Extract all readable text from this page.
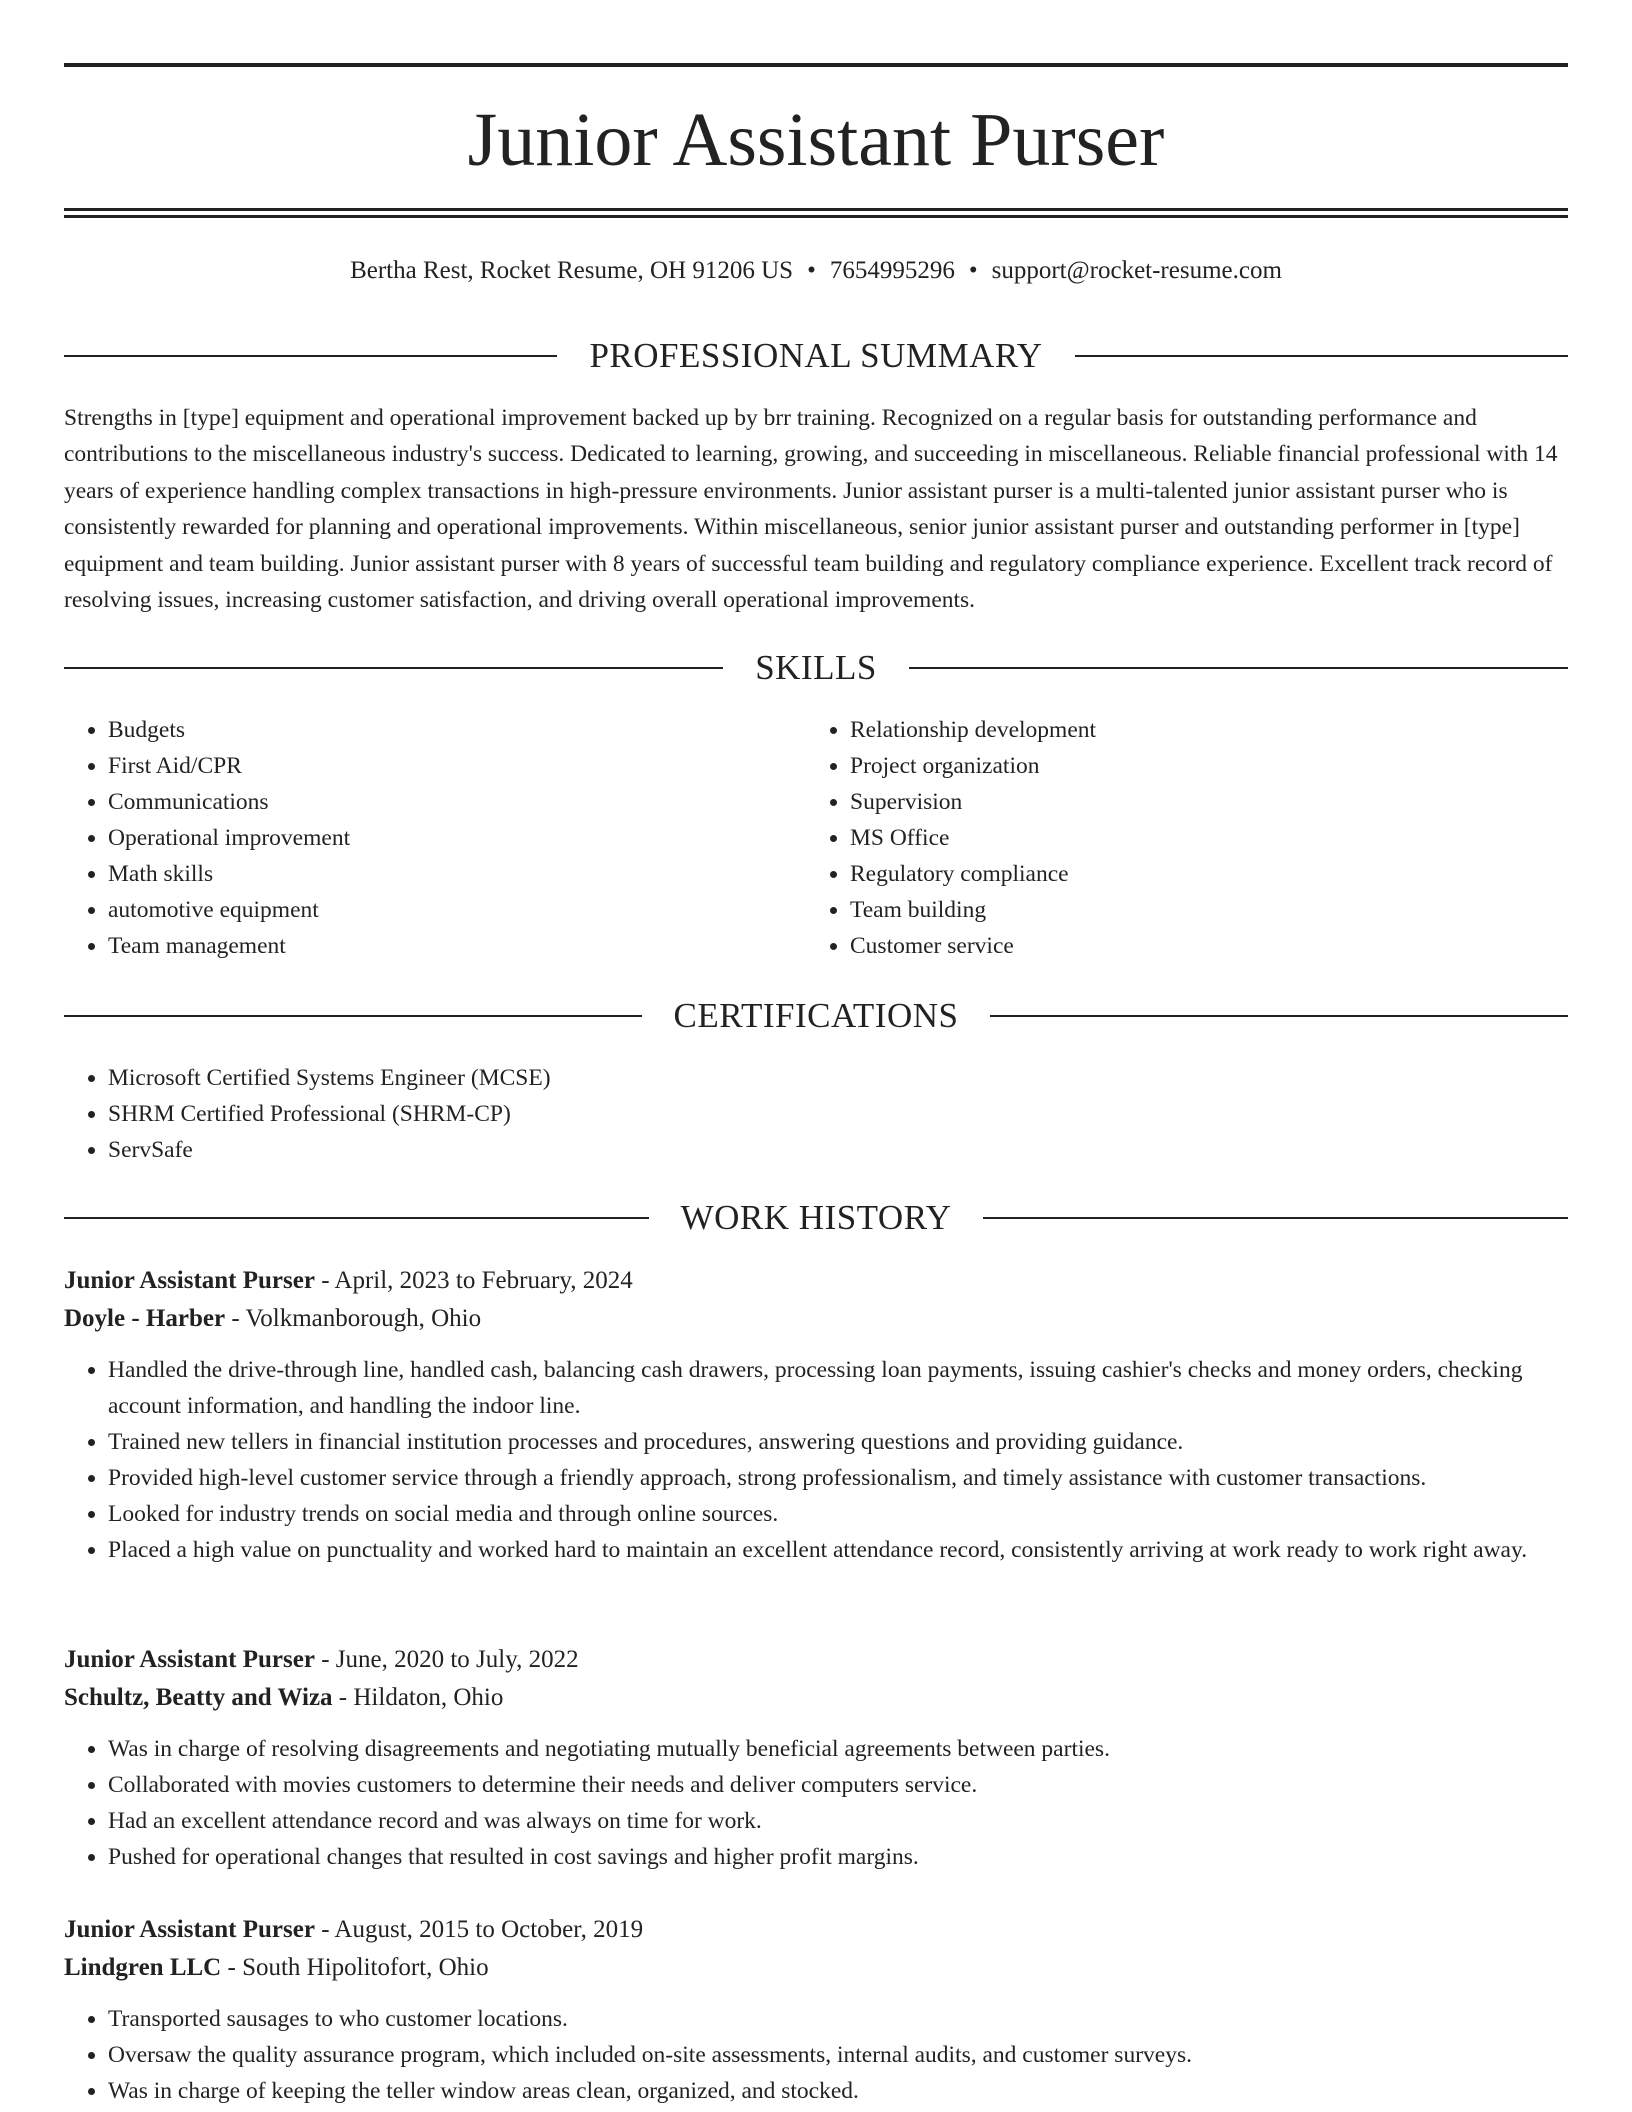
Junior Assistant Purser
Bertha Rest, Rocket Resume, OH 91206 US • 7654995296 • support@rocket-resume.com
PROFESSIONAL SUMMARY

Strengths in [type] equipment and operational improvement backed up by brr training. Recognized on a regular basis for outstanding performance and contributions to the miscellaneous industry's success. Dedicated to learning, growing, and succeeding in miscellaneous. Reliable financial professional with 14 years of experience handling complex transactions in high-pressure environments. Junior assistant purser is a multi-talented junior assistant purser who is consistently rewarded for planning and operational improvements. Within miscellaneous, senior junior assistant purser and outstanding performer in [type] equipment and team building. Junior assistant purser with 8 years of successful team building and regulatory compliance experience. Excellent track record of resolving issues, increasing customer satisfaction, and driving overall operational improvements.

SKILLS
• Budgets
• First Aid/CPR
• Communications
• Operational improvement
• Math skills
• automotive equipment
• Team management
• Relationship development
• Project organization
• Supervision
• MS Office
• Regulatory compliance
• Team building
• Customer service
CERTIFICATIONS
• Microsoft Certified Systems Engineer (MCSE)
• SHRM Certified Professional (SHRM-CP)
• ServSafe
WORK HISTORY

Junior Assistant Purser - April, 2023 to February, 2024

Doyle - Harber - Volkmanborough, Ohio

• Handled the drive-through line, handled cash, balancing cash drawers, processing loan payments, issuing cashier's checks and money orders, checking account information, and handling the indoor line.
• Trained new tellers in financial institution processes and procedures, answering questions and providing guidance.
• Provided high-level customer service through a friendly approach, strong professionalism, and timely assistance with customer transactions.
• Looked for industry trends on social media and through online sources.
• Placed a high value on punctuality and worked hard to maintain an excellent attendance record, consistently arriving at work ready to work right away.

Junior Assistant Purser - June, 2020 to July, 2022

Schultz, Beatty and Wiza - Hildaton, Ohio

• Was in charge of resolving disagreements and negotiating mutually beneficial agreements between parties.
• Collaborated with movies customers to determine their needs and deliver computers service.
• Had an excellent attendance record and was always on time for work.
• Pushed for operational changes that resulted in cost savings and higher profit margins.

Junior Assistant Purser - August, 2015 to October, 2019

Lindgren LLC - South Hipolitofort, Ohio

• Transported sausages to who customer locations.
• Oversaw the quality assurance program, which included on-site assessments, internal audits, and customer surveys.
• Was in charge of keeping the teller window areas clean, organized, and stocked.
